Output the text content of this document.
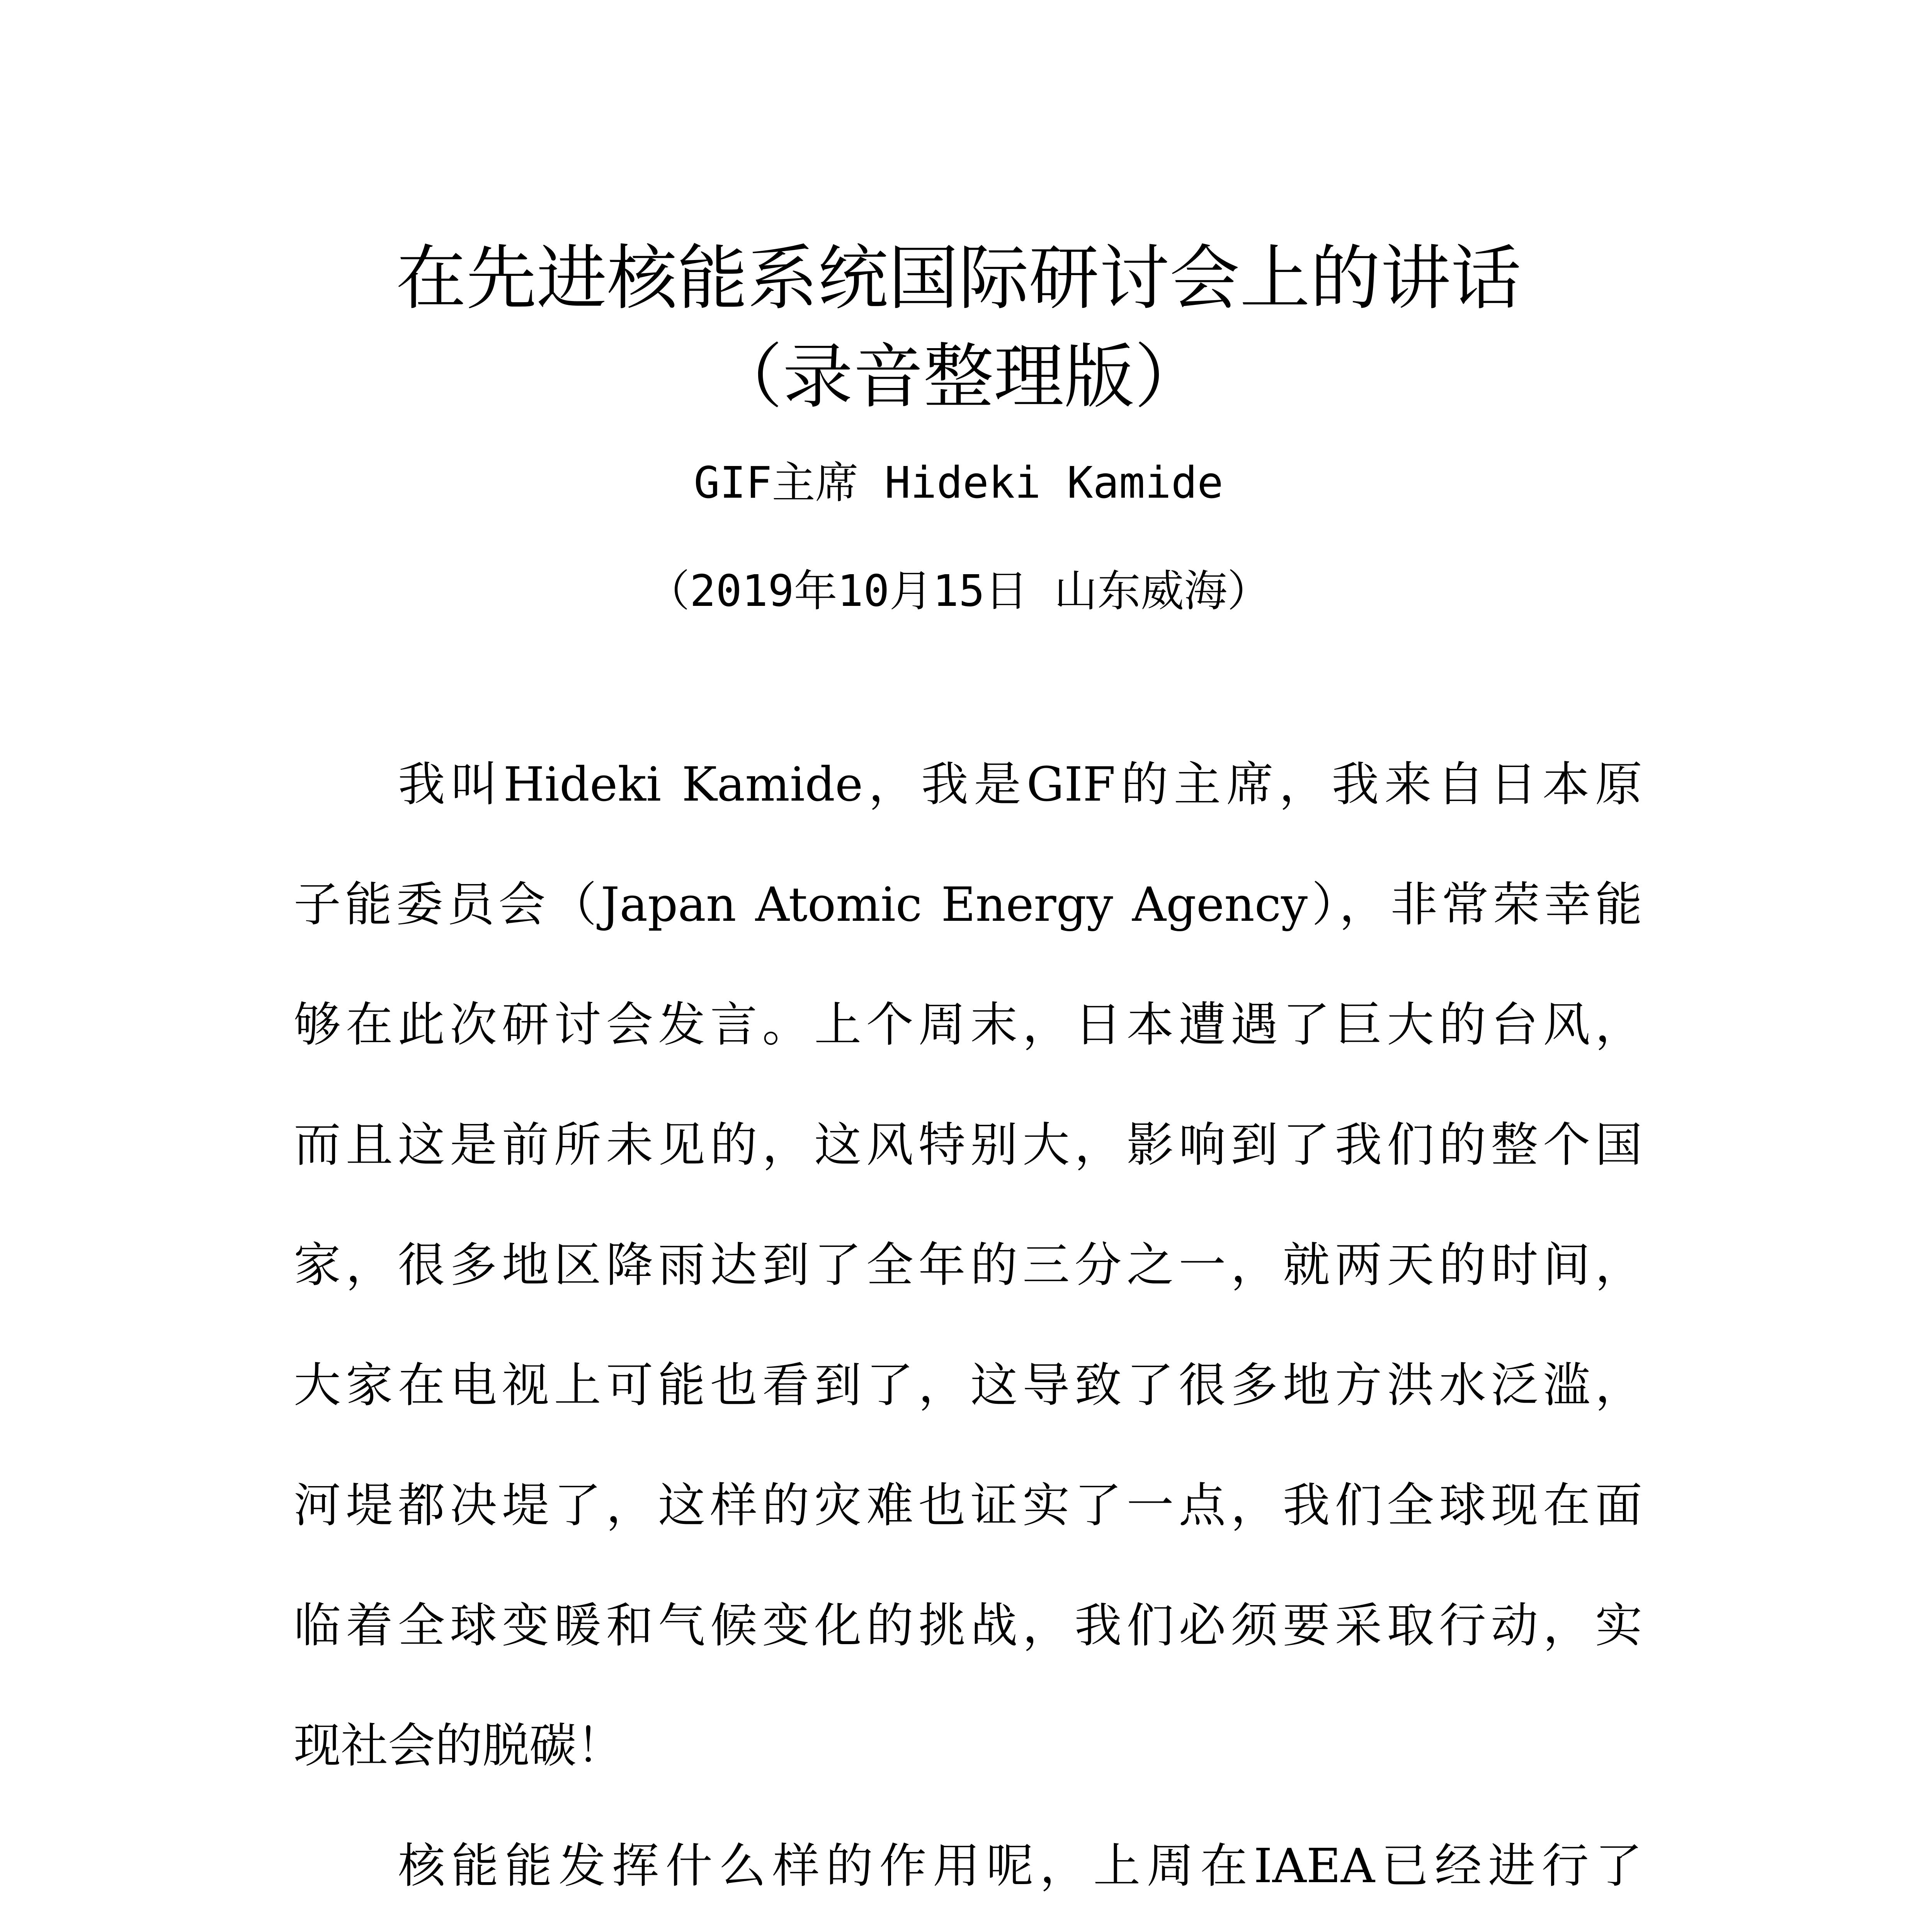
在先进核能系统国际研讨会上的讲话
（录音整理版）
GIF主席 Hideki Kamide
（2019年10月15日 山东威海）
我叫Hideki Kamide，我是GIF的主席，我来自日本原
子能委员会（Japan Atomic Energy Agency），非常荣幸能
够在此次研讨会发言。上个周末，日本遭遇了巨大的台风，
而且这是前所未见的，这风特别大，影响到了我们的整个国
家，很多地区降雨达到了全年的三分之一，就两天的时间，
大家在电视上可能也看到了，这导致了很多地方洪水泛滥，
河堤都决堤了，这样的灾难也证实了一点，我们全球现在面
临着全球变暖和气候变化的挑战，我们必须要采取行动，实
现社会的脱碳！
核能能发挥什么样的作用呢，上周在IAEA已经进行了
